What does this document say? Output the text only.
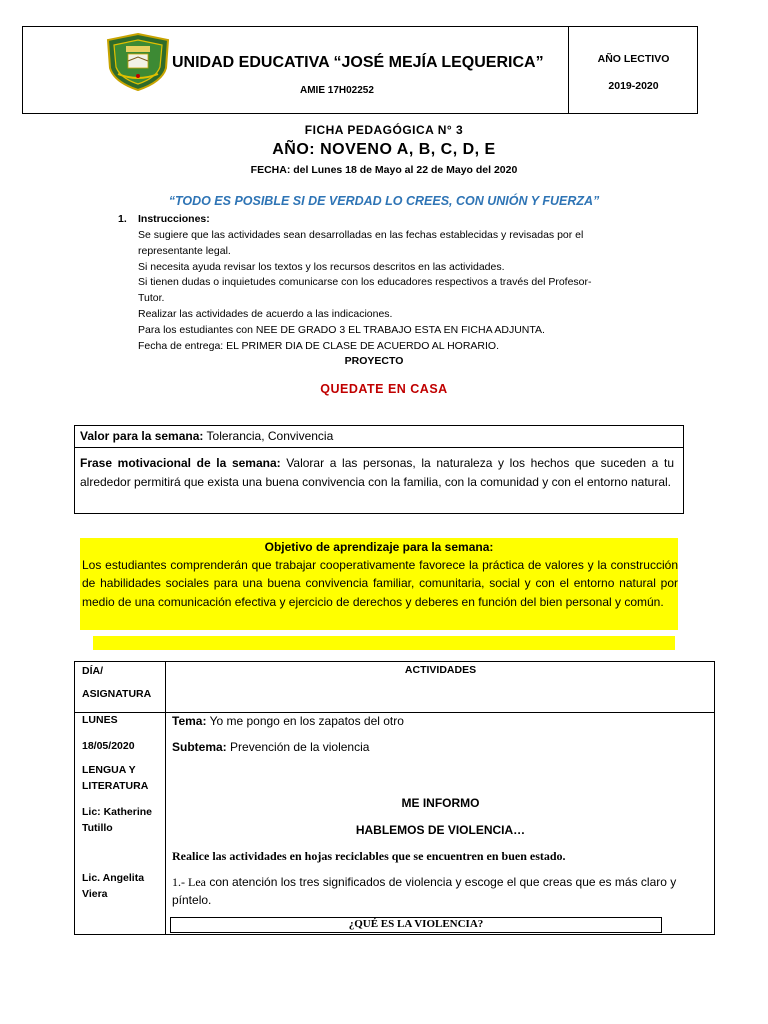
UNIDAD EDUCATIVA “JOSÉ MEJÍA LEQUERICA”
AMIE 17H02252
AÑO LECTIVO
2019-2020
FICHA PEDAGÓGICA N° 3
AÑO: NOVENO A, B, C, D, E
FECHA: del Lunes 18 de Mayo al 22 de Mayo del 2020
“TODO ES POSIBLE SI DE VERDAD LO CREES, CON UNIÓN Y FUERZA”
1. Instrucciones:
Se sugiere que las actividades sean desarrolladas en las fechas establecidas y revisadas por el
representante legal.
Si necesita ayuda revisar los textos y los recursos descritos en las actividades.
Si tienen dudas o inquietudes comunicarse con los educadores respectivos a través del Profesor-
Tutor.
Realizar las actividades de acuerdo a las indicaciones.
Para los estudiantes con NEE DE GRADO 3 EL TRABAJO ESTA EN FICHA ADJUNTA.
Fecha de entrega: EL PRIMER DIA DE CLASE DE ACUERDO AL HORARIO.
PROYECTO
QUEDATE EN CASA
Valor para la semana: Tolerancia, Convivencia
Frase motivacional de la semana: Valorar a las personas, la naturaleza y los hechos que suceden a tu alrededor permitirá que exista una buena convivencia con la familia, con la comunidad y con el entorno natural.
Objetivo de aprendizaje para la semana:
Los estudiantes comprenderán que trabajar cooperativamente favorece la práctica de valores y la construcción de habilidades sociales para una buena convivencia familiar, comunitaria, social y con el entorno natural por medio de una comunicación efectiva y ejercicio de derechos y deberes en función del bien personal y común.
DÍA/
ASIGNATURA
ACTIVIDADES
LUNES
18/05/2020
LENGUA Y
LITERATURA
Lic: Katherine
Tutillo
Lic. Angelita
Viera
Tema: Yo me pongo en los zapatos del otro
Subtema: Prevención de la violencia
ME INFORMO
HABLEMOS DE VIOLENCIA…
Realice las actividades en hojas reciclables que se encuentren en buen estado.
1.- Lea con atención los tres significados de violencia y escoge el que creas que es más claro y píntelo.
¿QUÉ ES LA VIOLENCIA?
